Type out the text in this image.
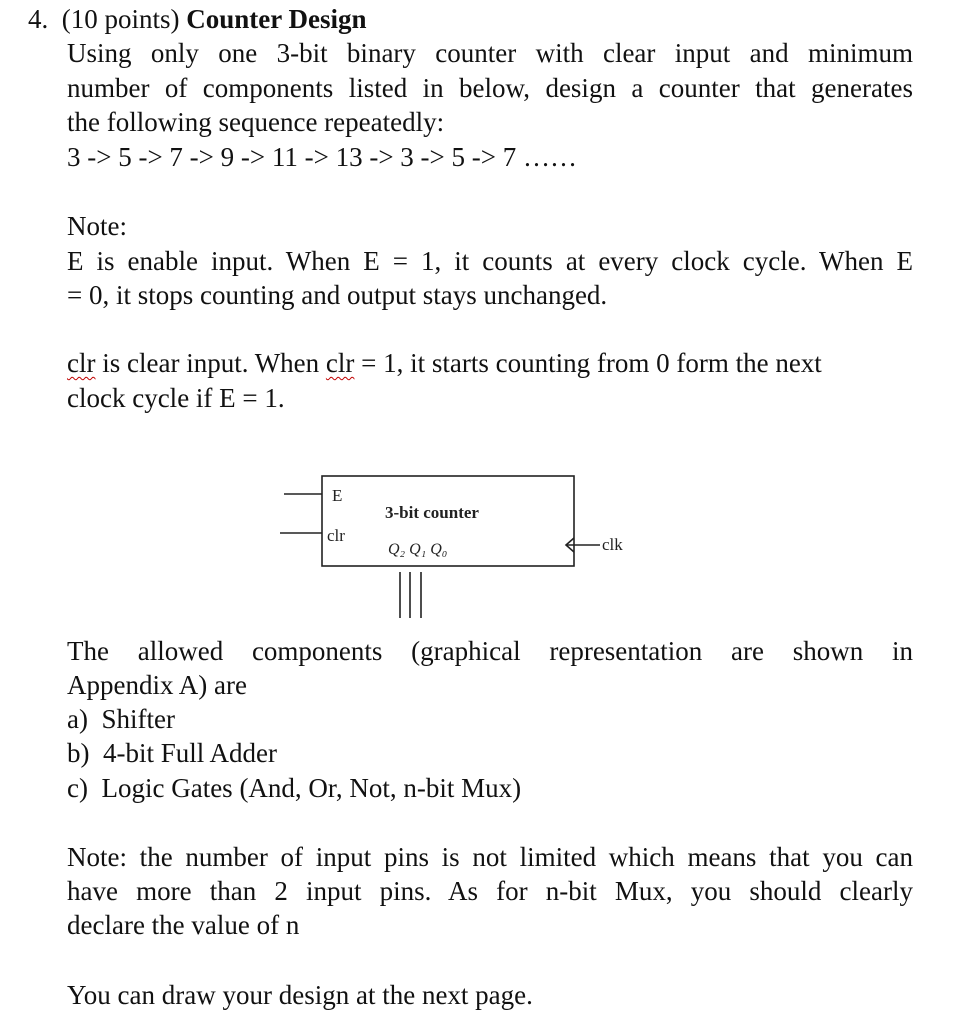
4. (10 points) Counter Design
Using only one 3-bit binary counter with clear input and minimum
number of components listed in below, design a counter that generates
the following sequence repeatedly:
3 -> 5 -> 7 -> 9 -> 11 -> 13 -> 3 -> 5 -> 7 ……
Note:
E is enable input. When E = 1, it counts at every clock cycle. When E
= 0, it stops counting and output stays unchanged.
clr is clear input. When clr = 1, it starts counting from 0 form the next
clock cycle if E = 1.
E
clr
3-bit counter
Q₂ Q₁ Q₀	clk
The allowed components (graphical representation are shown in
Appendix A) are
a) Shifter
b) 4-bit Full Adder
c) Logic Gates (And, Or, Not, n-bit Mux)
Note: the number of input pins is not limited which means that you can
have more than 2 input pins. As for n-bit Mux, you should clearly
declare the value of n
You can draw your design at the next page.
